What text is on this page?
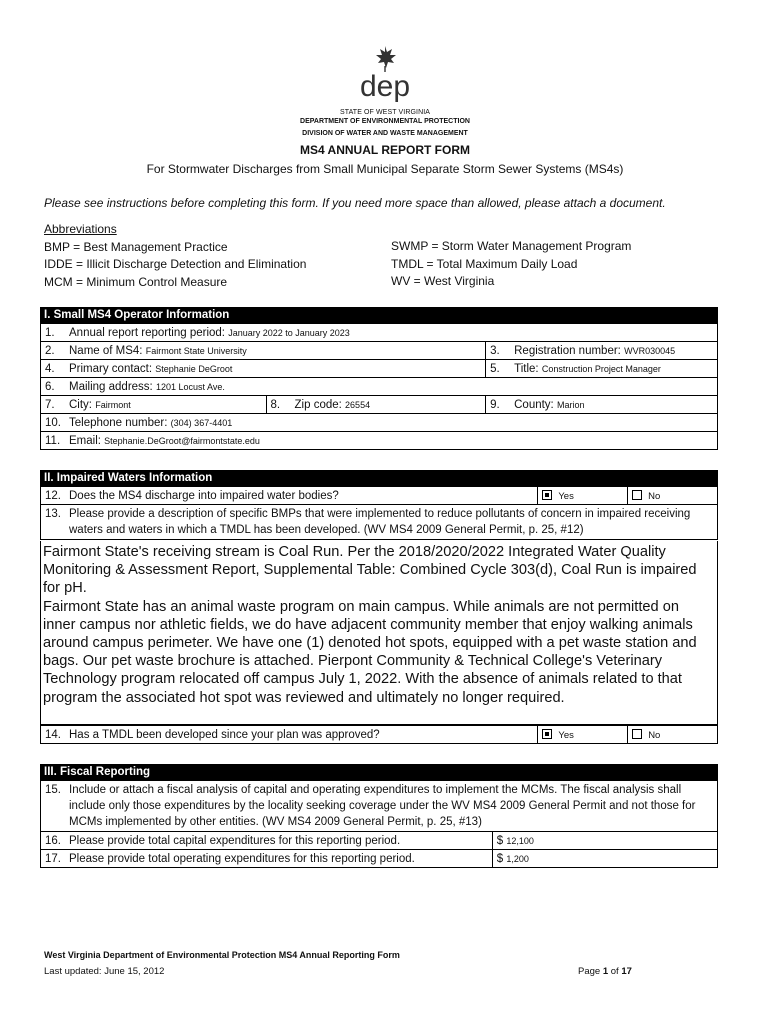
dep
STATE OF WEST VIRGINIA
DEPARTMENT OF ENVIRONMENTAL PROTECTION
DIVISION OF WATER AND WASTE MANAGEMENT
MS4 ANNUAL REPORT FORM
For Stormwater Discharges from Small Municipal Separate Storm Sewer Systems (MS4s)
Please see instructions before completing this form. If you need more space than allowed, please attach a document.
Abbreviations
BMP = Best Management Practice
IDDE = Illicit Discharge Detection and Elimination
MCM = Minimum Control Measure
SWMP = Storm Water Management Program
TMDL = Total Maximum Daily Load
WV = West Virginia
I. Small MS4 Operator Information
1. Annual report reporting period: January 2022 to January 2023		
2. Name of MS4: Fairmont State University		3. Registration number: WVR030045
4. Primary contact: Stephanie DeGroot		5. Title: Construction Project Manager
6. Mailing address: 1201 Locust Ave.		
7. City: Fairmont	8. Zip code: 26554	9. County: Marion
10. Telephone number: (304) 367-4401		
11. Email: Stephanie.DeGroot@fairmontstate.edu		
II. Impaired Waters Information
12. Does the MS4 discharge into impaired water bodies?	Yes	No

13. Please provide a description of specific BMPs that were implemented to reduce pollutants of concern in impaired receiving waters and waters in which a TMDL has been developed. (WV MS4 2009 General Permit, p. 25, #12)

Fairmont State's receiving stream is Coal Run. Per the 2018/2020/2022 Integrated Water Quality Monitoring & Assessment Report, Supplemental Table: Combined Cycle 303(d), Coal Run is impaired for pH.

Fairmont State has an animal waste program on main campus. While animals are not permitted on inner campus nor athletic fields, we do have adjacent community member that enjoy walking animals around campus perimeter. We have one (1) denoted hot spots, equipped with a pet waste station and bags. Our pet waste brochure is attached. Pierpont Community & Technical College's Veterinary Technology program relocated off campus July 1, 2022. With the absence of animals related to that program the associated hot spot was reviewed and ultimately no longer required.

14. Has a TMDL been developed since your plan was approved?	Yes	No
III. Fiscal Reporting
15. Include or attach a fiscal analysis of capital and operating expenditures to implement the MCMs. The fiscal analysis shall include only those expenditures by the locality seeking coverage under the WV MS4 2009 General Permit and not those for MCMs implemented by other entities. (WV MS4 2009 General Permit, p. 25, #13)	

16. Please provide total capital expenditures for this reporting period.	$ 12,100
17. Please provide total operating expenditures for this reporting period.	$ 1,200
West Virginia Department of Environmental Protection MS4 Annual Reporting Form
Last updated: June 15, 2012	Page 1 of 17
